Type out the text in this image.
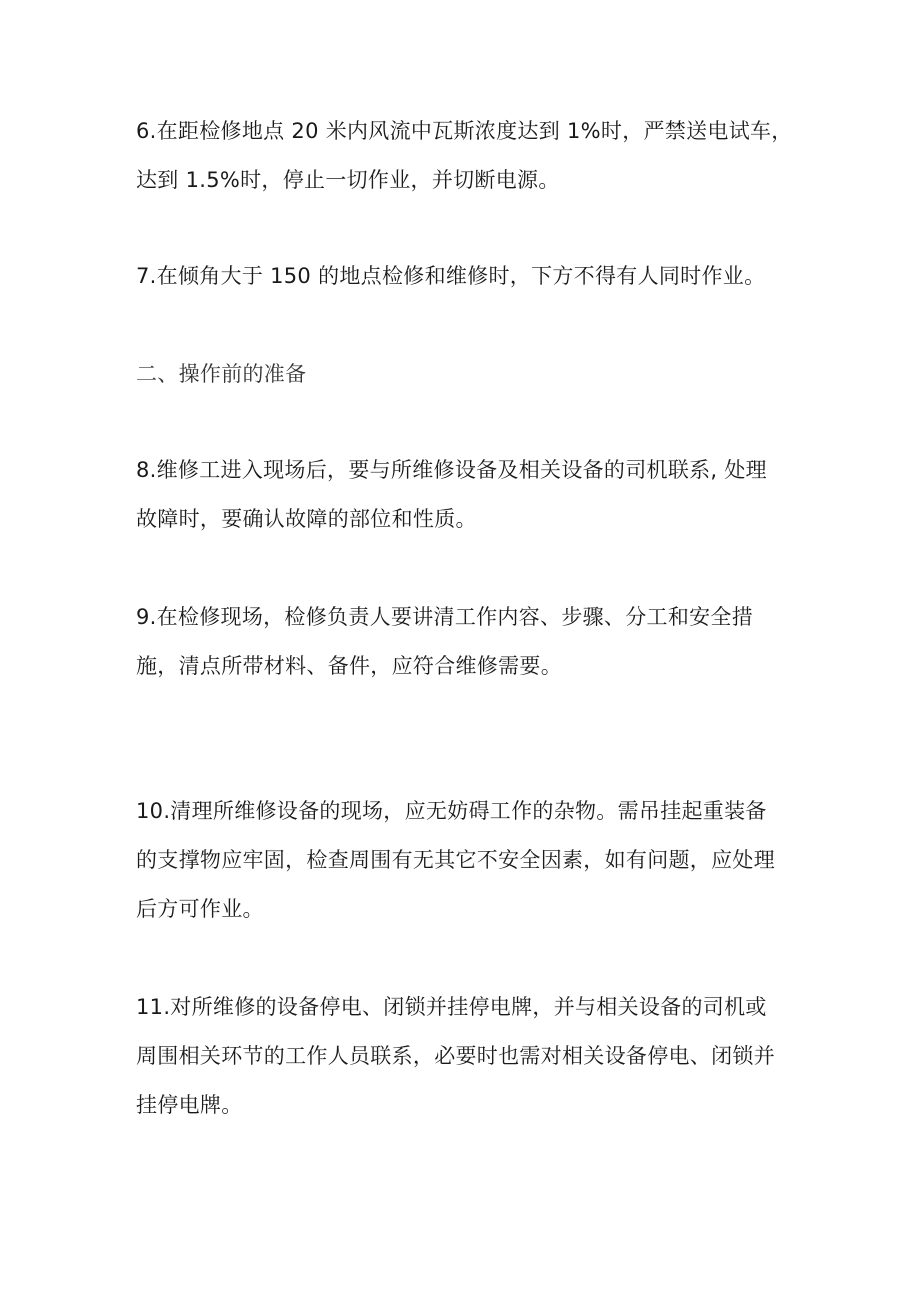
6.在距检修地点 20 米内风流中瓦斯浓度达到 1%时，严禁送电试车，
达到 1.5%时，停止一切作业，并切断电源。
7.在倾角大于 150 的地点检修和维修时，下方不得有人同时作业。
二、操作前的准备
8.维修工进入现场后，要与所维修设备及相关设备的司机联系, 处理
故障时，要确认故障的部位和性质。
9.在检修现场，检修负责人要讲清工作内容、步骤、分工和安全措
施，清点所带材料、备件，应符合维修需要。
10.清理所维修设备的现场，应无妨碍工作的杂物。需吊挂起重装备
的支撑物应牢固，检查周围有无其它不安全因素，如有问题，应处理
后方可作业。
11.对所维修的设备停电、闭锁并挂停电牌，并与相关设备的司机或
周围相关环节的工作人员联系，必要时也需对相关设备停电、闭锁并
挂停电牌。
